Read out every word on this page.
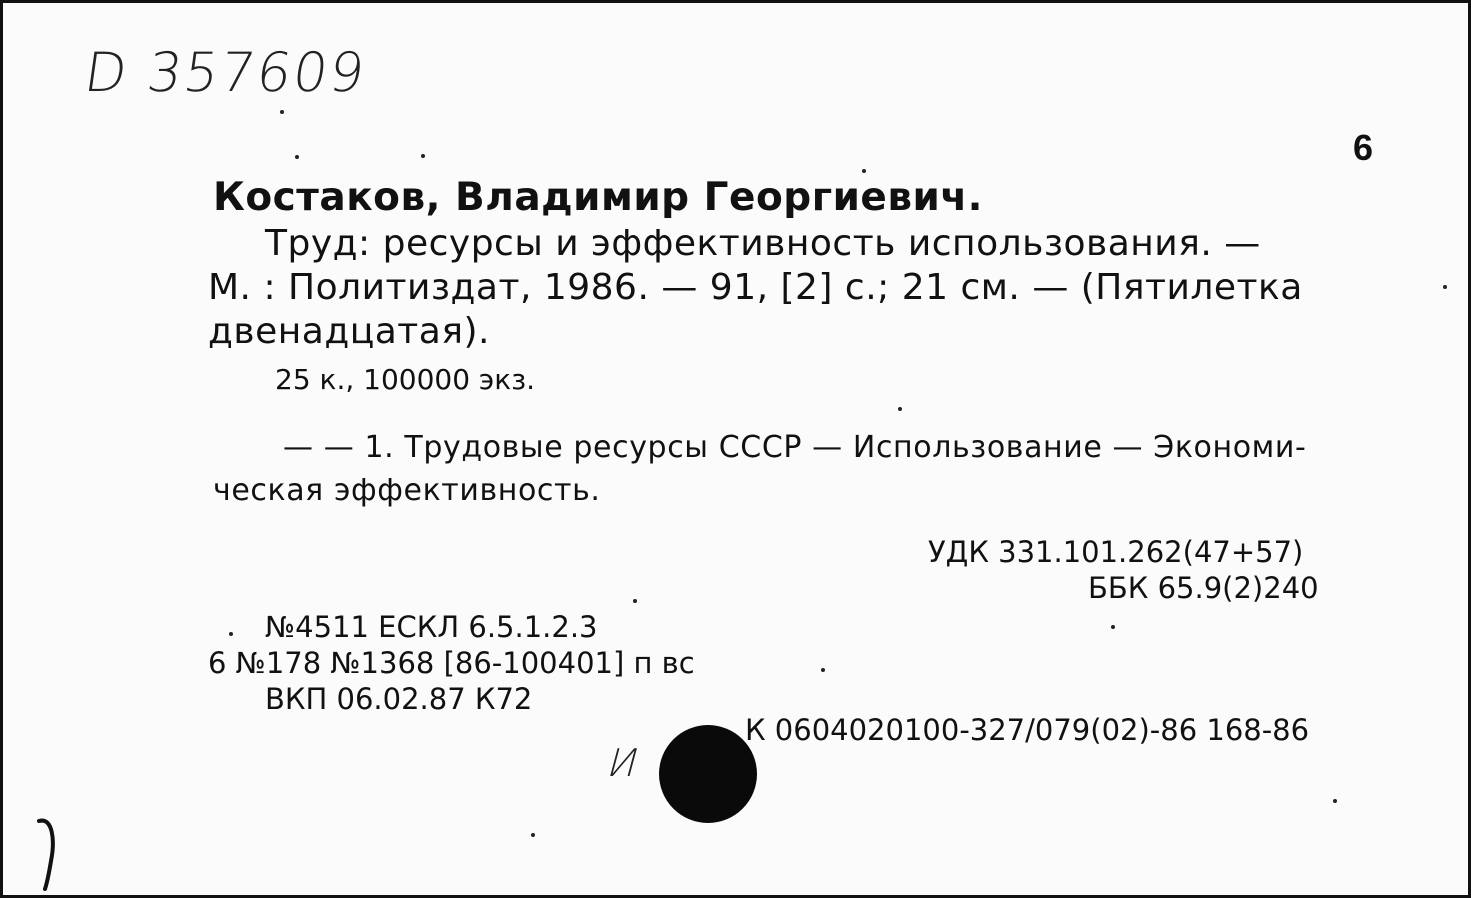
D 357609
6
Костаков, Владимир Георгиевич.
Труд: ресурсы и эффективность использования. —
М. : Политиздат, 1986. — 91, [2] с.; 21 см. — (Пятилетка
двенадцатая).
25 к., 100000 экз.
— — 1. Трудовые ресурсы СССР — Использование — Экономи-
ческая эффективность.
УДК 331.101.262(47+57)
ББК 65.9(2)240
№4511 ЕСКЛ 6.5.1.2.3
6 №178 №1368 [86-100401] п вс
ВКП 06.02.87 К72
К 0604020100-327/079(02)-86 168-86
И
